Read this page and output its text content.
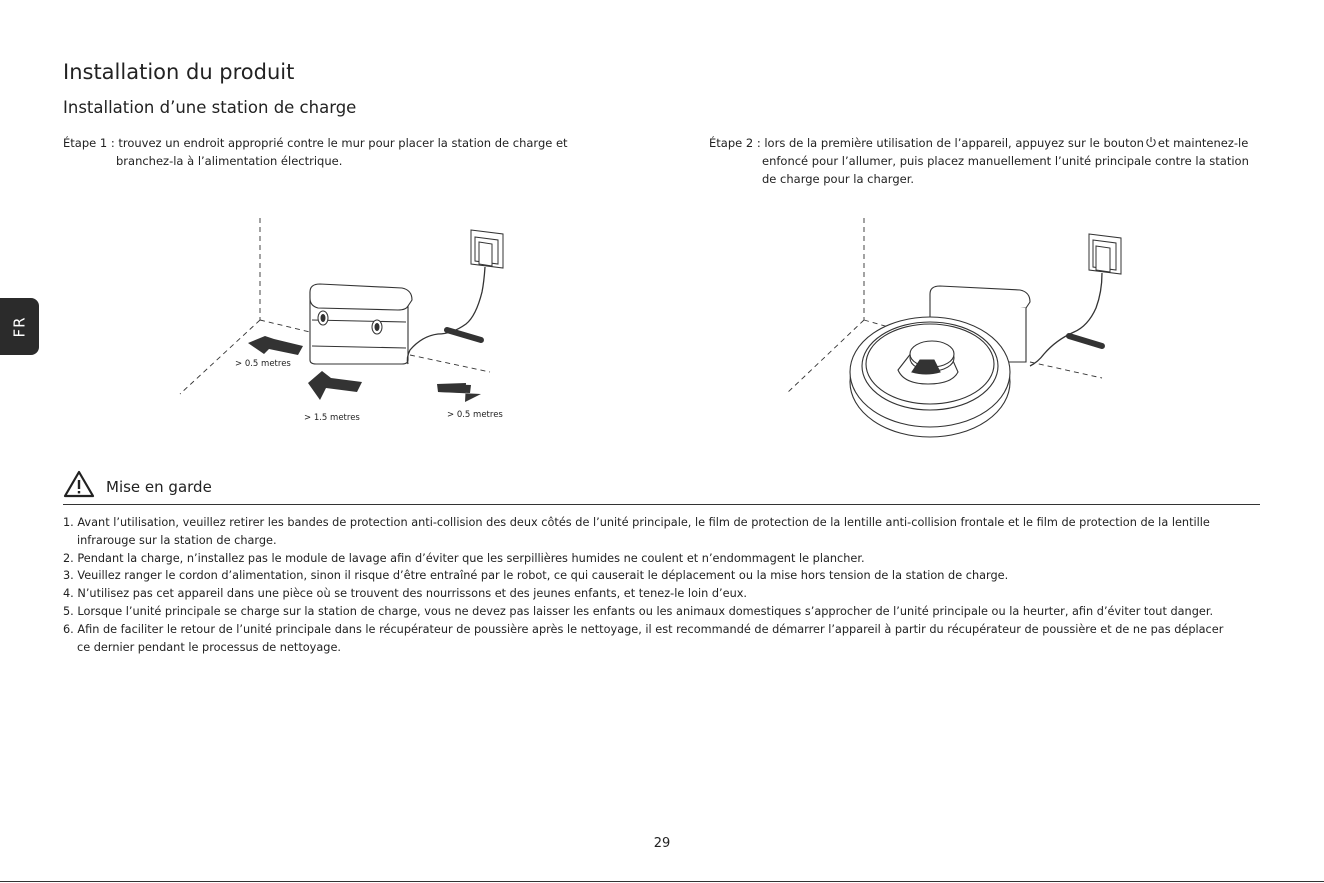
Installation du produit
Installation d’une station de charge
FR
Étape 1 : trouvez un endroit approprié contre le mur pour placer la station de charge et
branchez-la à l’alimentation électrique.
Étape 2 : lors de la première utilisation de l’appareil, appuyez sur le bouton et maintenez-le
enfoncé pour l’allumer, puis placez manuellement l’unité principale contre la station
de charge pour la charger.
> 0.5 metres
> 1.5 metres	> 0.5 metres
Mise en garde
1. Avant l’utilisation, veuillez retirer les bandes de protection anti-collision des deux côtés de l’unité principale, le film de protection de la lentille anti-collision frontale et le film de protection de la lentille
infrarouge sur la station de charge.
2. Pendant la charge, n’installez pas le module de lavage afin d’éviter que les serpillières humides ne coulent et n’endommagent le plancher.
3. Veuillez ranger le cordon d’alimentation, sinon il risque d’être entraîné par le robot, ce qui causerait le déplacement ou la mise hors tension de la station de charge.
4. N’utilisez pas cet appareil dans une pièce où se trouvent des nourrissons et des jeunes enfants, et tenez-le loin d’eux.
5. Lorsque l’unité principale se charge sur la station de charge, vous ne devez pas laisser les enfants ou les animaux domestiques s’approcher de l’unité principale ou la heurter, afin d’éviter tout danger.
6. Afin de faciliter le retour de l’unité principale dans le récupérateur de poussière après le nettoyage, il est recommandé de démarrer l’appareil à partir du récupérateur de poussière et de ne pas déplacer
ce dernier pendant le processus de nettoyage.
29
